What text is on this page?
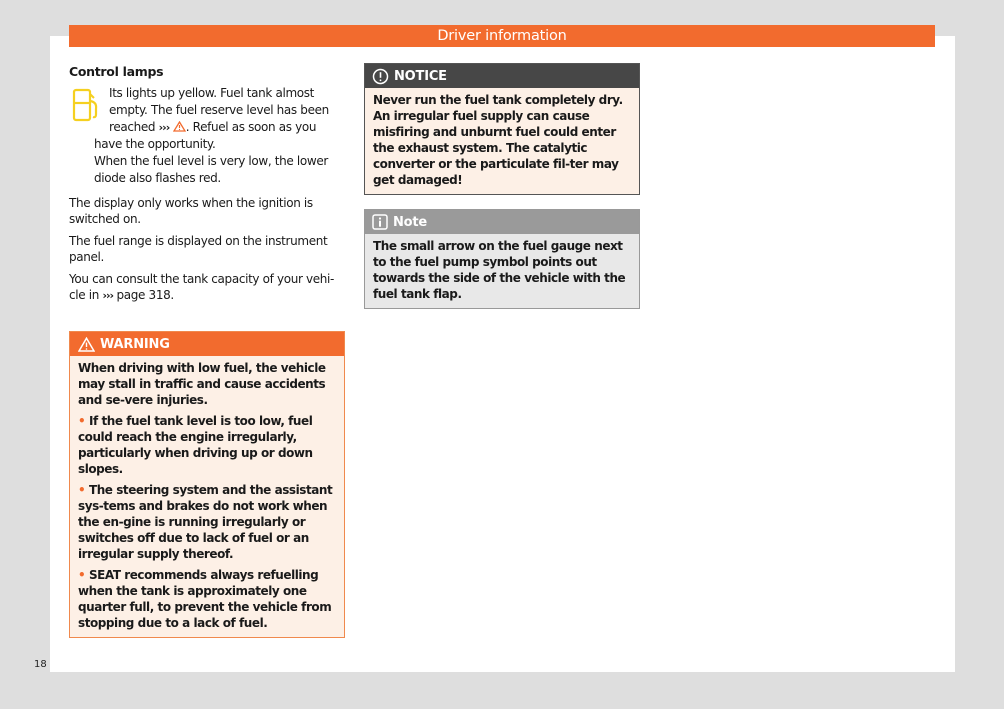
Driver information
18
Control lamps
Its lights up yellow. Fuel tank almost
empty. The fuel reserve level has been
reached ››› . Refuel as soon as you
have the opportunity.
When the fuel level is very low, the lower
diode also flashes red.

The display only works when the ignition is switched on.

The fuel range is displayed on the instrument panel.

You can consult the tank capacity of your vehi-cle in ››› page 318.

WARNING

When driving with low fuel, the vehicle may stall in traffic and cause accidents and se-vere injuries.

• If the fuel tank level is too low, fuel could reach the engine irregularly, particularly when driving up or down slopes.

• The steering system and the assistant sys-tems and brakes do not work when the en-gine is running irregularly or switches off due to lack of fuel or an irregular supply thereof.

• SEAT recommends always refuelling when the tank is approximately one quarter full, to prevent the vehicle from stopping due to a lack of fuel.

NOTICE

Never run the fuel tank completely dry. An irregular fuel supply can cause misfiring and unburnt fuel could enter the exhaust system. The catalytic converter or the particulate fil-ter may get damaged!

Note

The small arrow on the fuel gauge next to the fuel pump symbol points out towards the side of the vehicle with the fuel tank flap.
